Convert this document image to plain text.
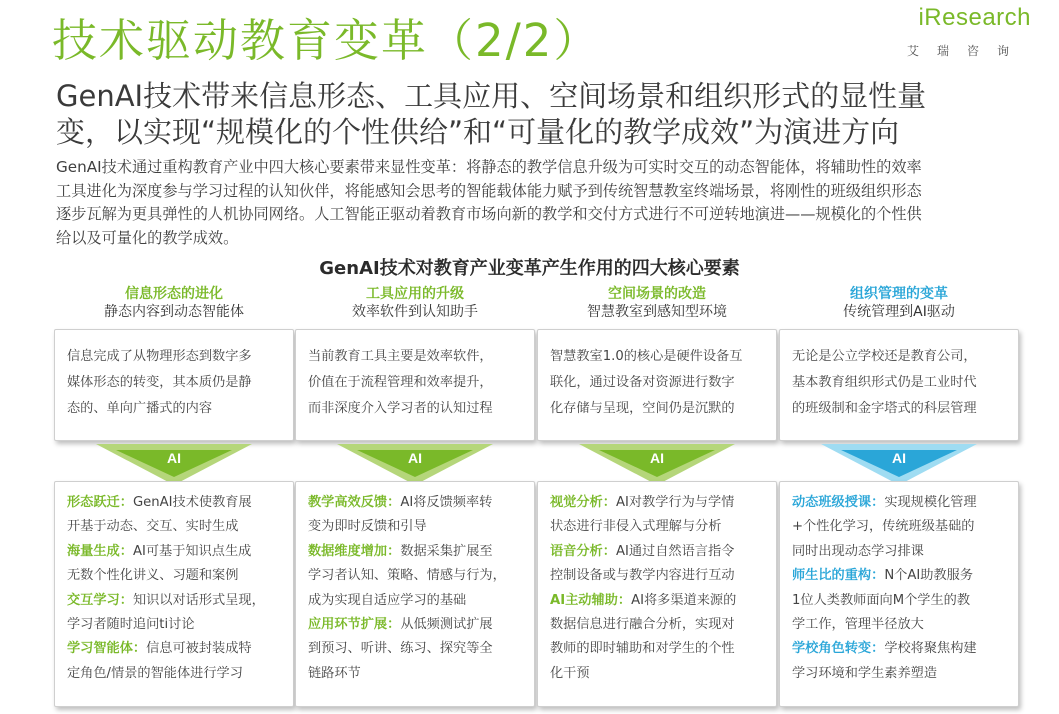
技术驱动教育变革（2/2）	iResearch
艾瑞咨询
GenAI技术带来信息形态、工具应用、空间场景和组织形式的显性量
变，以实现“规模化的个性供给”和“可量化的教学成效”为演进方向
GenAI技术通过重构教育产业中四大核心要素带来显性变革：将静态的教学信息升级为可实时交互的动态智能体，将辅助性的效率
工具进化为深度参与学习过程的认知伙伴，将能感知会思考的智能载体能力赋予到传统智慧教室终端场景，将刚性的班级组织形态
逐步瓦解为更具弹性的人机协同网络。人工智能正驱动着教育市场向新的教学和交付方式进行不可逆转地演进——规模化的个性供
给以及可量化的教学成效。
GenAI技术对教育产业变革产生作用的四大核心要素
信息形态的进化
静态内容到动态智能体
信息完成了从物理形态到数字多
媒体形态的转变，其本质仍是静
态的、单向广播式的内容
AI
形态跃迁：GenAI技术使教育展
开基于动态、交互、实时生成
海量生成：AI可基于知识点生成
无数个性化讲义、习题和案例
交互学习：知识以对话形式呈现，
学习者随时追问ti讨论
学习智能体：信息可被封装成特
定角色/情景的智能体进行学习
工具应用的升级
效率软件到认知助手
当前教育工具主要是效率软件，
价值在于流程管理和效率提升，
而非深度介入学习者的认知过程
AI
教学高效反馈：AI将反馈频率转
变为即时反馈和引导
数据维度增加：数据采集扩展至
学习者认知、策略、情感与行为，
成为实现自适应学习的基础
应用环节扩展：从低频测试扩展
到预习、听讲、练习、探究等全
链路环节
空间场景的改造
智慧教室到感知型环境
智慧教室1.0的核心是硬件设备互
联化，通过设备对资源进行数字
化存储与呈现，空间仍是沉默的
AI
视觉分析：AI对教学行为与学情
状态进行非侵入式理解与分析
语音分析：AI通过自然语言指令
控制设备或与教学内容进行互动
AI主动辅助：AI将多渠道来源的
数据信息进行融合分析，实现对
教师的即时辅助和对学生的个性
化干预
组织管理的变革
传统管理到AI驱动
无论是公立学校还是教育公司，
基本教育组织形式仍是工业时代
的班级制和金字塔式的科层管理
AI
动态班级授课：实现规模化管理
+个性化学习，传统班级基础的
同时出现动态学习排课
师生比的重构：N个AI助教服务
1位人类教师面向M个学生的教
学工作，管理半径放大
学校角色转变：学校将聚焦构建
学习环境和学生素养塑造
